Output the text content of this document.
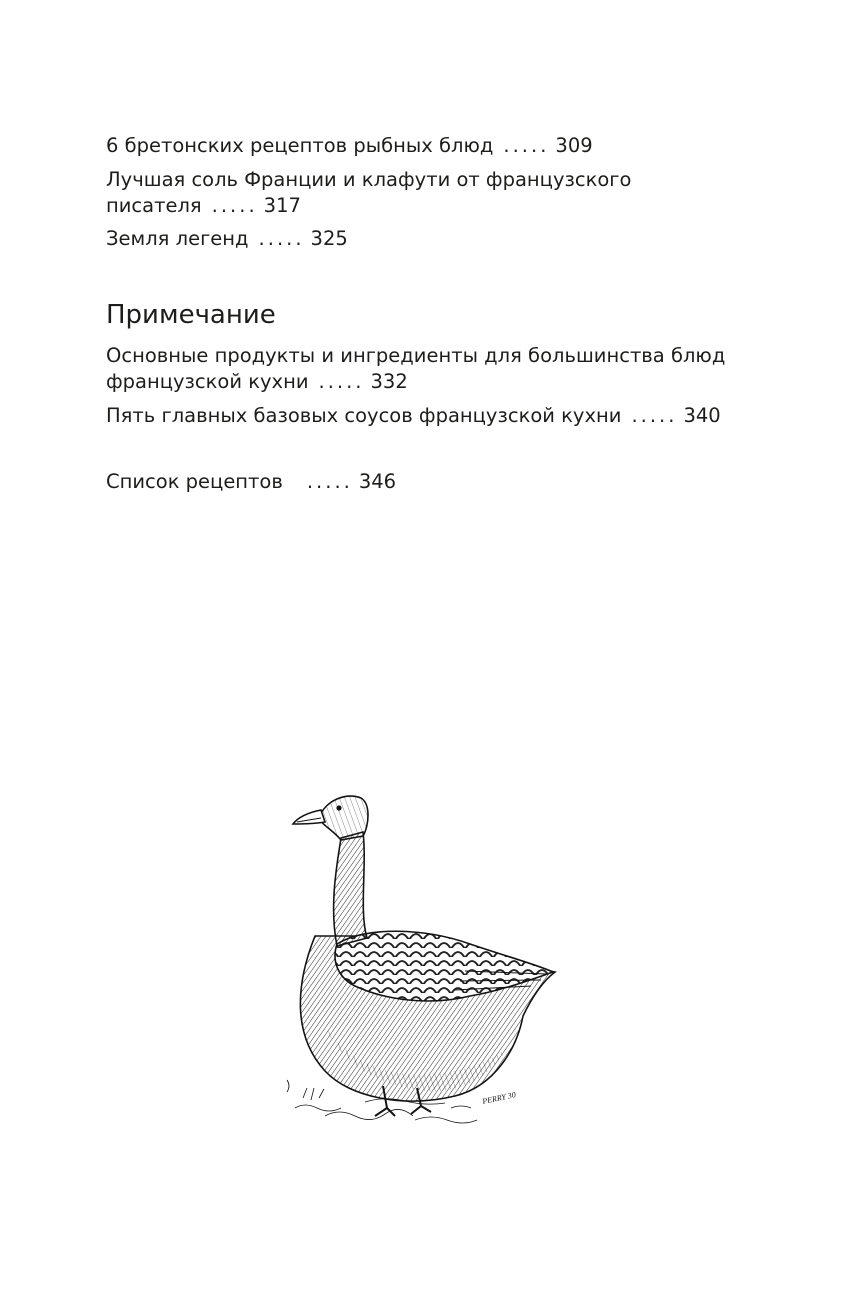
6 бретонских рецептов рыбных блюд ..... 309

Лучшая соль Франции и клафути от французского

писателя ..... 317

Земля легенд ..... 325

Примечание

Основные продукты и ингредиенты для большинства блюд

французской кухни ..... 332

Пять главных базовых соусов французской кухни ..... 340

Список рецептов ..... 346

PERRY 30
